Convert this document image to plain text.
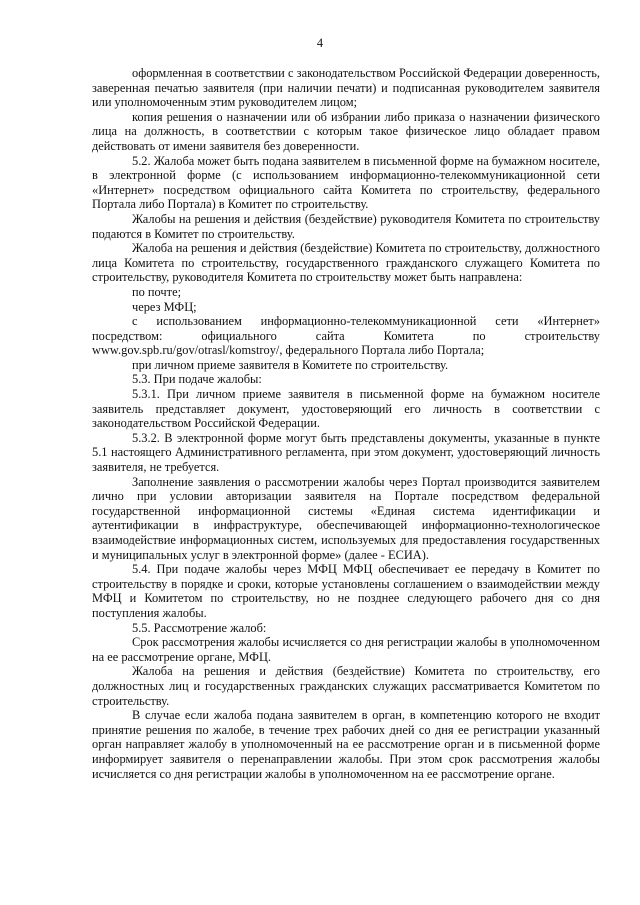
4

оформленная в соответствии с законодательством Российской Федерации доверенность, заверенная печатью заявителя (при наличии печати) и подписанная руководителем заявителя или уполномоченным этим руководителем лицом;

копия решения о назначении или об избрании либо приказа о назначении физического лица на должность, в соответствии с которым такое физическое лицо обладает правом действовать от имени заявителя без доверенности.

5.2. Жалоба может быть подана заявителем в письменной форме на бумажном носителе, в электронной форме (с использованием информационно-телекоммуникационной сети «Интернет» посредством официального сайта Комитета по строительству, федерального Портала либо Портала) в Комитет по строительству.

Жалобы на решения и действия (бездействие) руководителя Комитета по строительству подаются в Комитет по строительству.

Жалоба на решения и действия (бездействие) Комитета по строительству, должностного лица Комитета по строительству, государственного гражданского служащего Комитета по строительству, руководителя Комитета по строительству может быть направлена:

по почте;

через МФЦ;

с использованием информационно-телекоммуникационной сети «Интернет» посредством: официального сайта Комитета по строительству www.gov.spb.ru/gov/otrasl/komstroy/, федерального Портала либо Портала;

при личном приеме заявителя в Комитете по строительству.

5.3. При подаче жалобы:

5.3.1. При личном приеме заявителя в письменной форме на бумажном носителе заявитель представляет документ, удостоверяющий его личность в соответствии с законодательством Российской Федерации.

5.3.2. В электронной форме могут быть представлены документы, указанные в пункте 5.1 настоящего Административного регламента, при этом документ, удостоверяющий личность заявителя, не требуется.

Заполнение заявления о рассмотрении жалобы через Портал производится заявителем лично при условии авторизации заявителя на Портале посредством федеральной государственной информационной системы «Единая система идентификации и аутентификации в инфраструктуре, обеспечивающей информационно-технологическое взаимодействие информационных систем, используемых для предоставления государственных и муниципальных услуг в электронной форме» (далее - ЕСИА).

5.4. При подаче жалобы через МФЦ МФЦ обеспечивает ее передачу в Комитет по строительству в порядке и сроки, которые установлены соглашением о взаимодействии между МФЦ и Комитетом по строительству, но не позднее следующего рабочего дня со дня поступления жалобы.

5.5. Рассмотрение жалоб:

Срок рассмотрения жалобы исчисляется со дня регистрации жалобы в уполномоченном на ее рассмотрение органе, МФЦ.

Жалоба на решения и действия (бездействие) Комитета по строительству, его должностных лиц и государственных гражданских служащих рассматривается Комитетом по строительству.

В случае если жалоба подана заявителем в орган, в компетенцию которого не входит принятие решения по жалобе, в течение трех рабочих дней со дня ее регистрации указанный орган направляет жалобу в уполномоченный на ее рассмотрение орган и в письменной форме информирует заявителя о перенаправлении жалобы. При этом срок рассмотрения жалобы исчисляется со дня регистрации жалобы в уполномоченном на ее рассмотрение органе.
